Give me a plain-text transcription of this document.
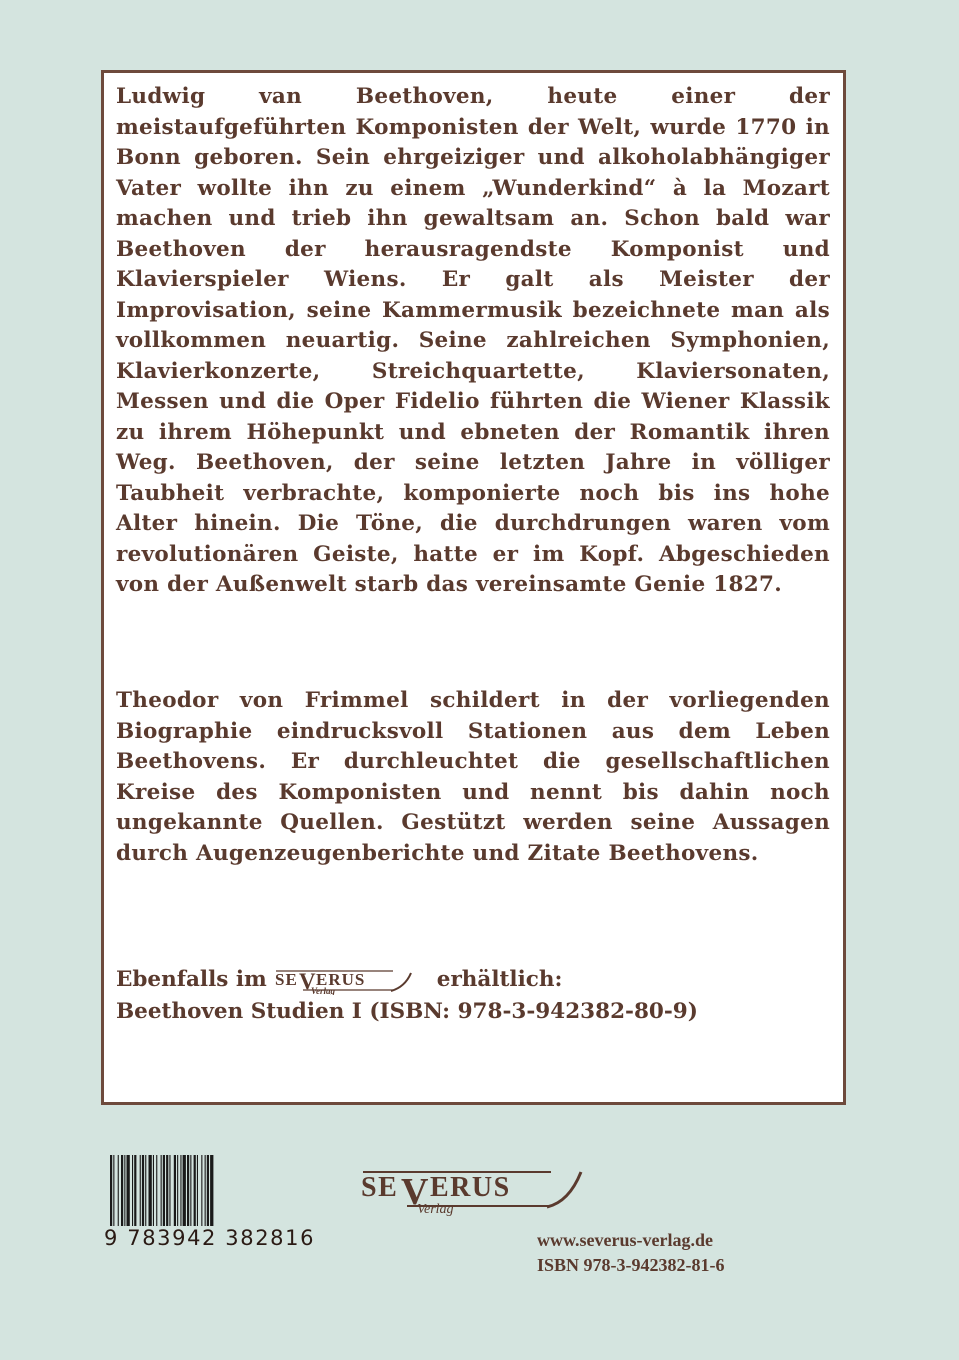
Ludwig van Beethoven, heute einer der meistaufgeführten Komponisten der Welt, wurde 1770 in Bonn geboren. Sein ehrgeiziger und alkoholabhängiger Vater wollte ihn zu einem „Wunderkind“ à la Mozart machen und trieb ihn gewaltsam an. Schon bald war Beethoven der herausragendste Komponist und Klavierspieler Wiens. Er galt als Meister der Improvisation, seine Kammermusik bezeichnete man als vollkommen neuartig. Seine zahlreichen Symphonien, Klavierkonzerte, Streichquartette, Klaviersonaten, Messen und die Oper Fidelio führten die Wiener Klassik zu ihrem Höhepunkt und ebneten der Romantik ihren Weg. Beethoven, der seine letzten Jahre in völliger Taubheit verbrachte, komponierte noch bis ins hohe Alter hinein. Die Töne, die durchdrungen waren vom revolutionären Geiste, hatte er im Kopf. Abgeschieden von der Außenwelt starb das vereinsamte Genie 1827.
Theodor von Frimmel schildert in der vorliegenden Biographie eindrucksvoll Stationen aus dem Leben Beethovens. Er durchleuchtet die gesellschaftlichen Kreise des Komponisten und nennt bis dahin noch ungekannte Quellen. Gestützt werden seine Aussagen durch Augenzeugenberichte und Zitate Beethovens.
Ebenfalls im SE V ERUS
Verlag	erhältlich:
Beethoven Studien I (ISBN: 978-3-942382-80-9)
9 783942 382816
SE V ERUS
Verlag
www.severus-verlag.de
ISBN 978-3-942382-81-6
